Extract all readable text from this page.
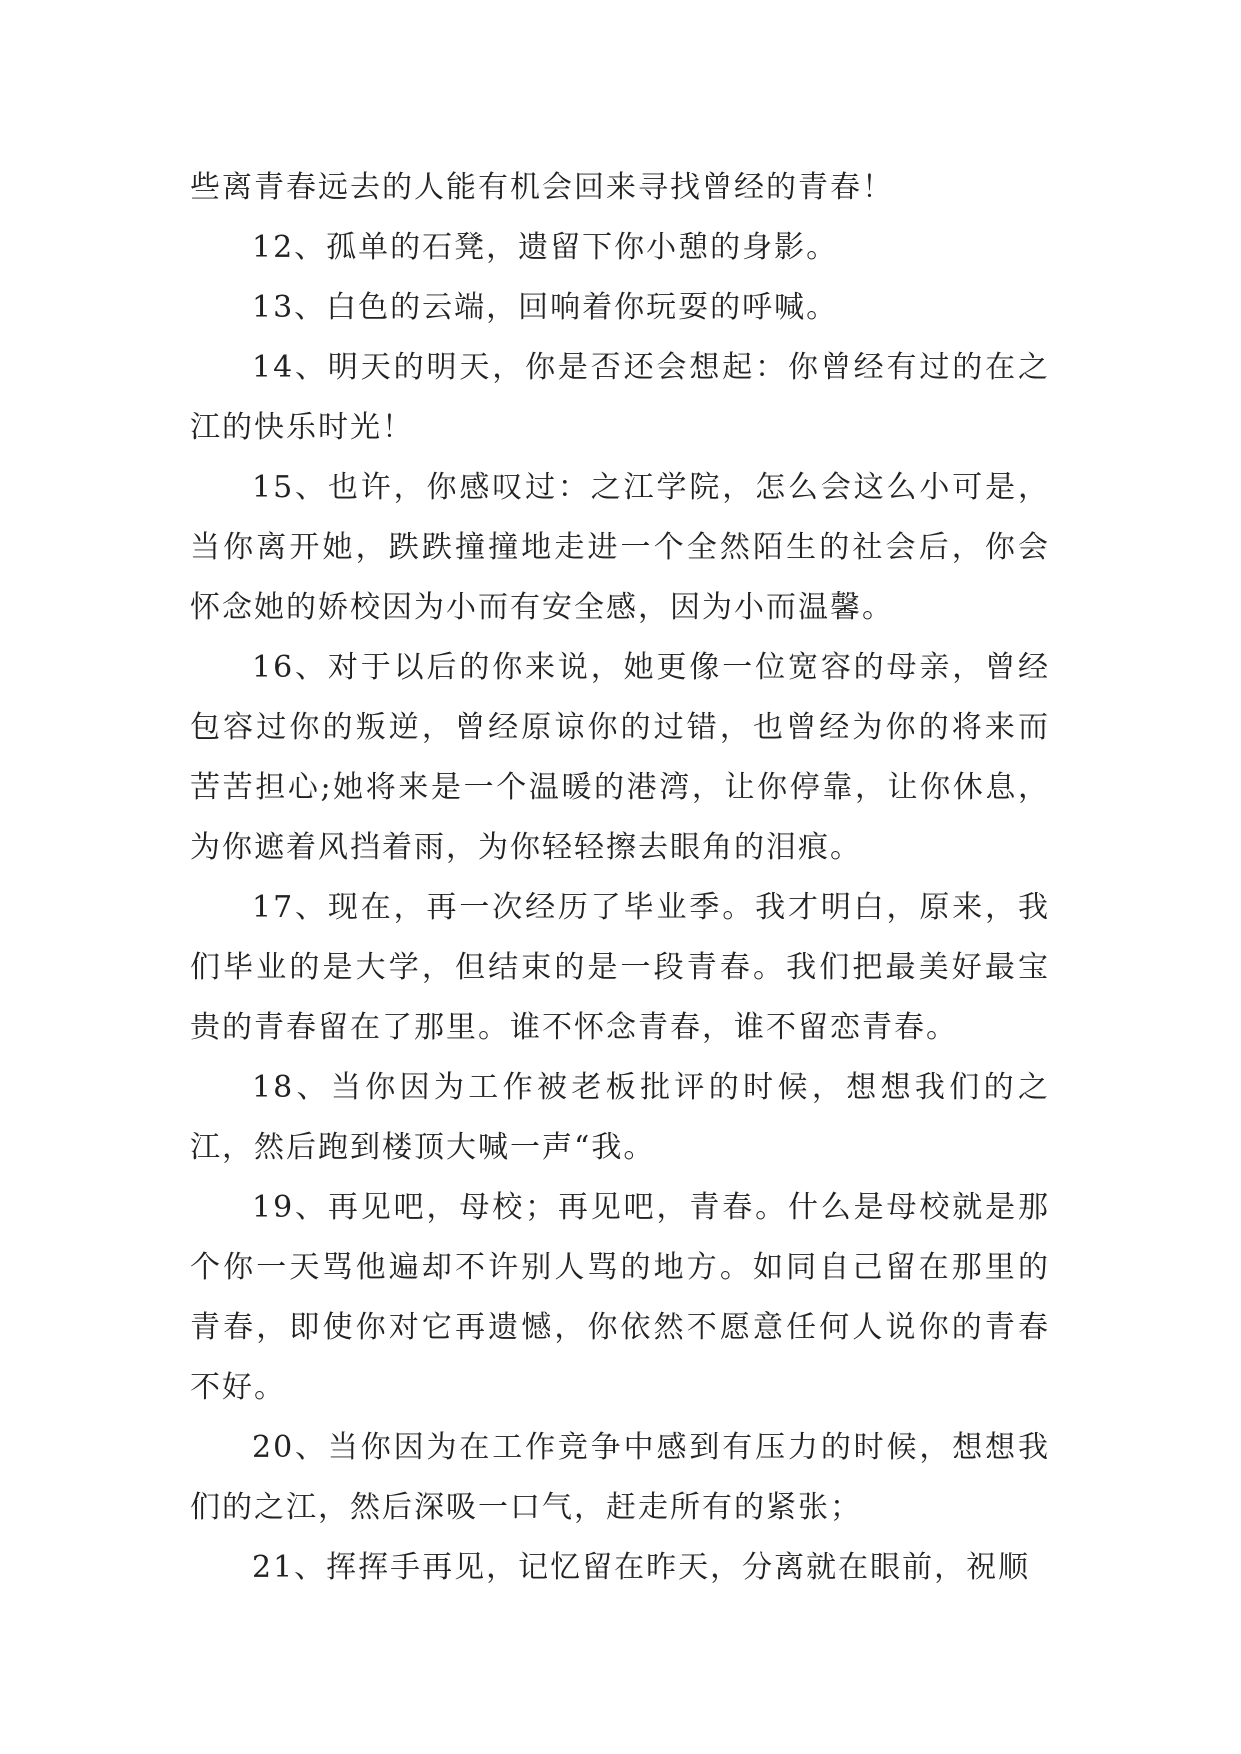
些离青春远去的人能有机会回来寻找曾经的青春！

12、孤单的石凳，遗留下你小憩的身影。

13、白色的云端，回响着你玩耍的呼喊。

14、明天的明天，你是否还会想起：你曾经有过的在之江的快乐时光！

15、也许，你感叹过：之江学院，怎么会这么小可是，当你离开她，跌跌撞撞地走进一个全然陌生的社会后，你会怀念她的娇校因为小而有安全感，因为小而温馨。

16、对于以后的你来说，她更像一位宽容的母亲，曾经包容过你的叛逆，曾经原谅你的过错，也曾经为你的将来而苦苦担心;她将来是一个温暖的港湾，让你停靠，让你休息，为你遮着风挡着雨，为你轻轻擦去眼角的泪痕。

17、现在，再一次经历了毕业季。我才明白，原来，我们毕业的是大学，但结束的是一段青春。我们把最美好最宝贵的青春留在了那里。谁不怀念青春，谁不留恋青春。

18、当你因为工作被老板批评的时候，想想我们的之江，然后跑到楼顶大喊一声“我。

19、再见吧，母校；再见吧，青春。什么是母校就是那个你一天骂他遍却不许别人骂的地方。如同自己留在那里的青春，即使你对它再遗憾，你依然不愿意任何人说你的青春不好。

20、当你因为在工作竞争中感到有压力的时候，想想我们的之江，然后深吸一口气，赶走所有的紧张；

21、挥挥手再见，记忆留在昨天，分离就在眼前，祝顺
